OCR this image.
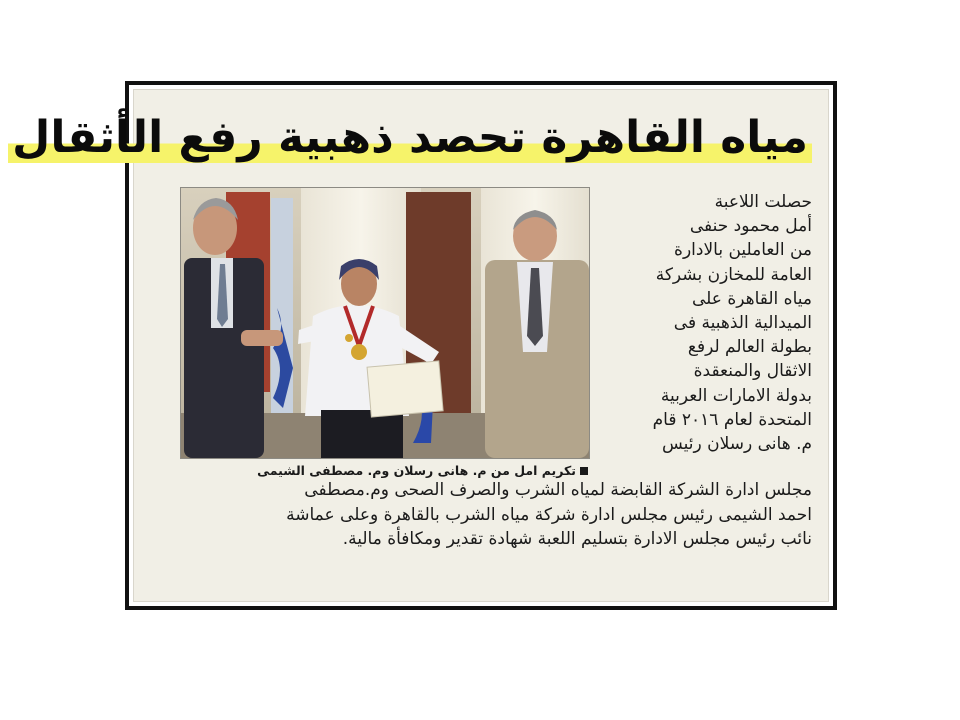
مياه القاهرة تحصد ذهبية رفع الأثقال
تكريم امل من م. هانى رسلان وم. مصطفى الشيمى

حصلت اللاعبة

أمل محمود حنفى

من العاملين بالادارة

العامة للمخازن بشركة

مياه القاهرة على

الميدالية الذهبية فى

بطولة العالم لرفع

الاثقال والمنعقدة

بدولة الامارات العربية

المتحدة لعام ٢٠١٦ قام

م. هانى رسلان رئيس

مجلس ادارة الشركة القابضة لمياه الشرب والصرف الصحى وم.مصطفى

احمد الشيمى رئيس مجلس ادارة شركة مياه الشرب بالقاهرة وعلى عماشة

نائب رئيس مجلس الادارة بتسليم اللعبة شهادة تقدير ومكافأة مالية.
